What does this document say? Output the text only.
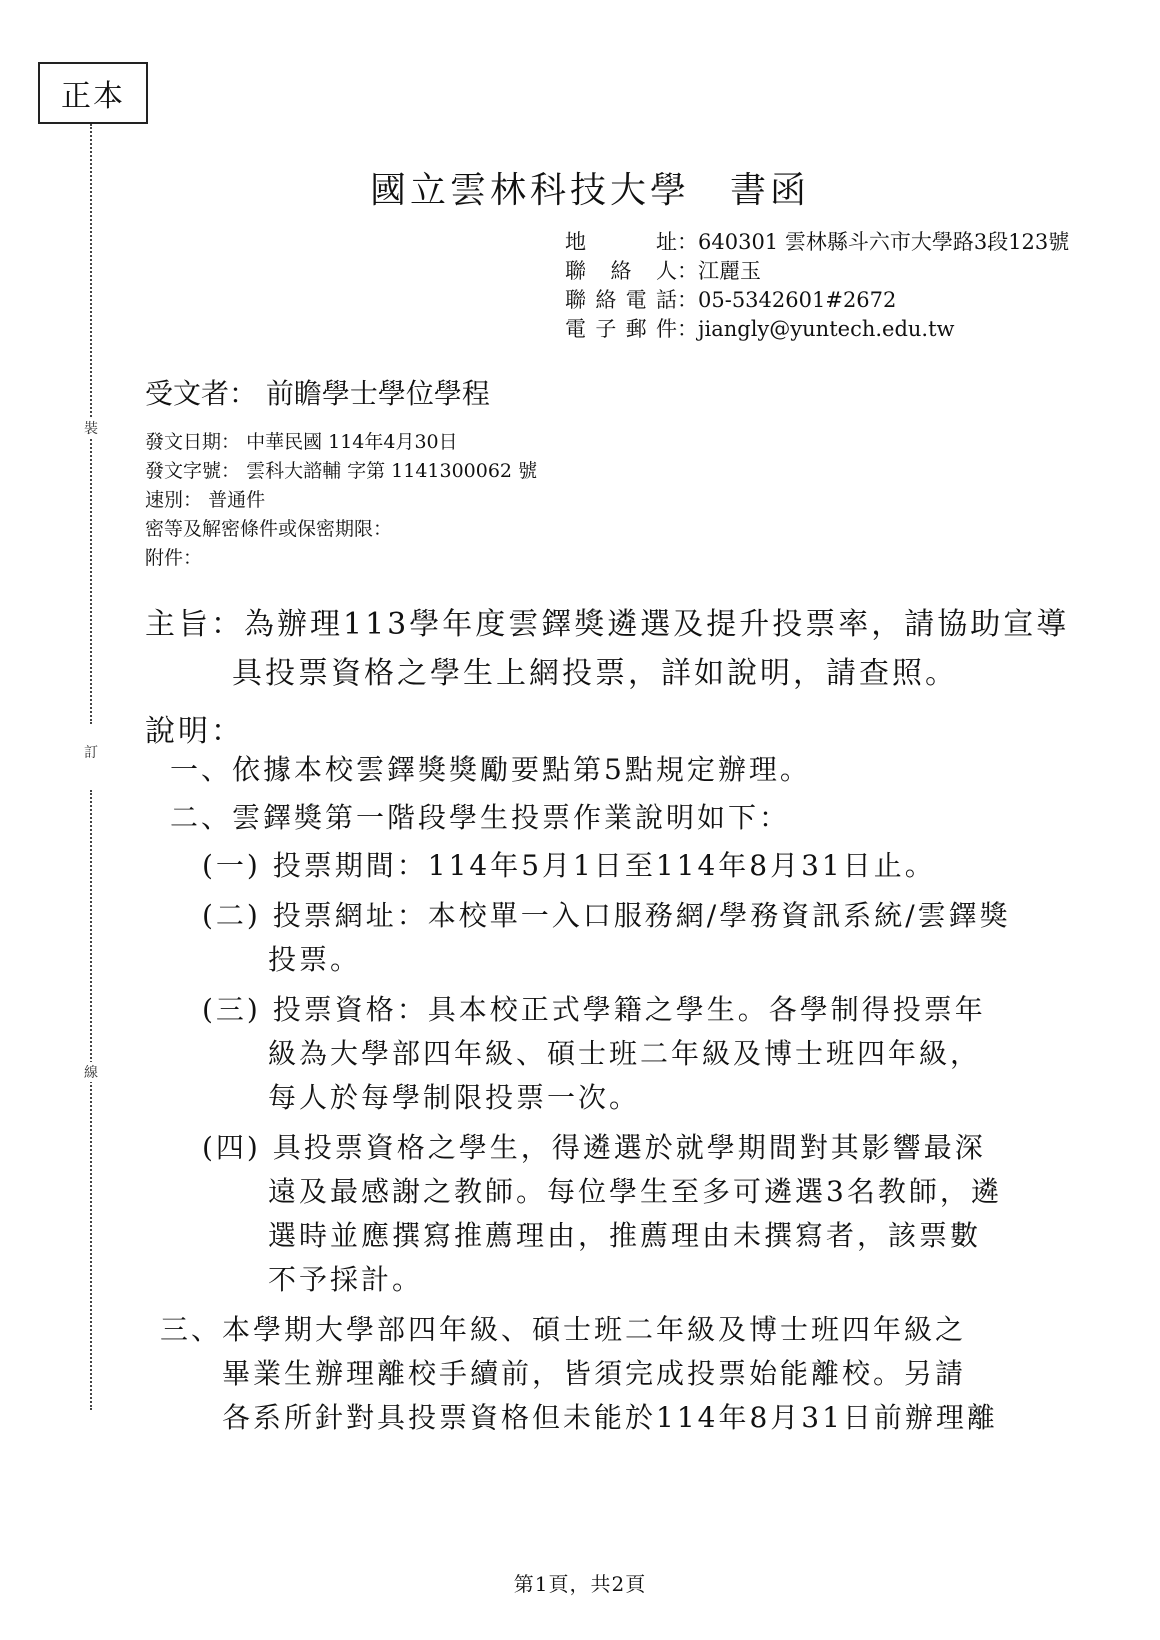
正本
裝
訂
線
國立雲林科技大學 書函
地 址：640301 雲林縣斗六市大學路3段123號
聯 絡 人：江麗玉
聯絡電話：05-5342601#2672
電子郵件：jiangly@yuntech.edu.tw
受文者： 前瞻學士學位學程
發文日期： 中華民國 114年4月30日
發文字號： 雲科大諮輔 字第 1141300062 號
速別： 普通件
密等及解密條件或保密期限：
附件：
主旨：為辦理113學年度雲鐸獎遴選及提升投票率，請協助宣導
具投票資格之學生上網投票，詳如說明，請查照。
說明：
一、依據本校雲鐸獎獎勵要點第5點規定辦理。
二、雲鐸獎第一階段學生投票作業說明如下：
(一) 投票期間：114年5月1日至114年8月31日止。
(二) 投票網址：本校單一入口服務網/學務資訊系統/雲鐸獎
投票。
(三) 投票資格：具本校正式學籍之學生。各學制得投票年
級為大學部四年級、碩士班二年級及博士班四年級，
每人於每學制限投票一次。
(四) 具投票資格之學生，得遴選於就學期間對其影響最深
遠及最感謝之教師。每位學生至多可遴選3名教師，遴
選時並應撰寫推薦理由，推薦理由未撰寫者，該票數
不予採計。
三、本學期大學部四年級、碩士班二年級及博士班四年級之
畢業生辦理離校手續前，皆須完成投票始能離校。另請
各系所針對具投票資格但未能於114年8月31日前辦理離
第1頁，共2頁
